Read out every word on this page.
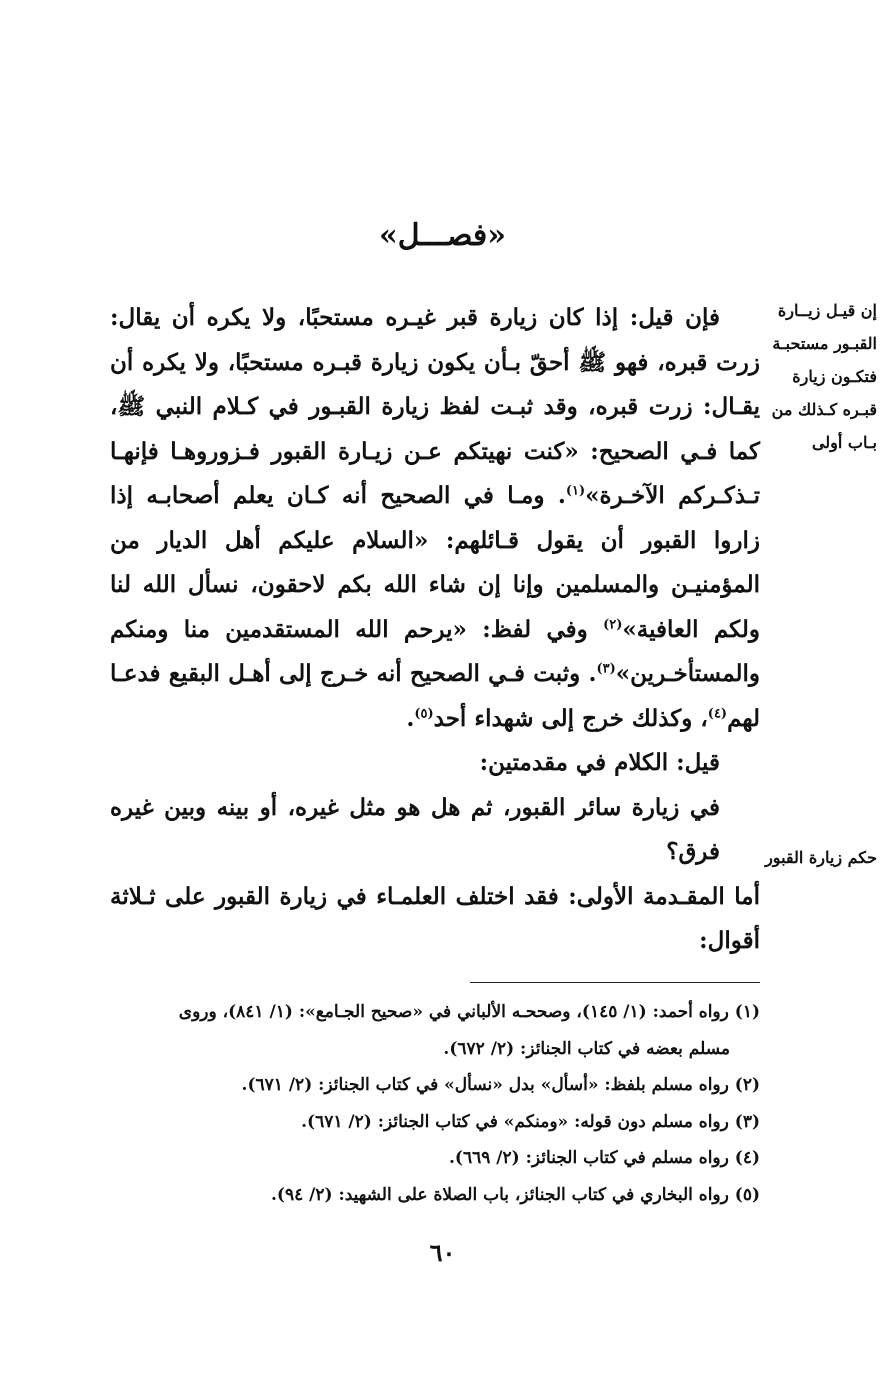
«فصـــل»
إن قيـل زيــارة القبـور مستحبـة فتكـون زيارة قبـره كـذلك من بـاب أولى
حكم زيارة القبور

فإن قيل: إذا كان زيارة قبر غيـره مستحبًا، ولا يكره أن يقال: زرت قبره، فهو ﷺ أحقّ بـأن يكون زيارة قبـره مستحبًا، ولا يكره أن يقـال: زرت قبره، وقد ثبـت لفظ زيارة القبـور في كـلام النبي ﷺ، كما فـي الصحيح: «كنت نهيتكم عـن زيـارة القبور فـزوروهـا فإنهـا تـذكـركم الآخـرة»$^{(١)}$. ومـا في الصحيح أنه كـان يعلم أصحابـه إذا زاروا القبور أن يقول قـائلهم: «السلام عليكم أهل الديار من المؤمنيـن والمسلمين وإنا إن شاء الله بكم لاحقون، نسأل الله لنا ولكم العافية»$^{(٢)}$ وفي لفظ: «يرحم الله المستقدمين منا ومنكم والمستأخـرين»$^{(٣)}$. وثبت فـي الصحيح أنه خـرج إلى أهـل البقيع فدعـا لهم$^{(٤)}$، وكذلك خرج إلى شهداء أحد$^{(٥)}$.

قيل: الكلام في مقدمتين:

في زيارة سائر القبور، ثم هل هو مثل غيره، أو بينه وبين غيره فرق؟

أما المقـدمة الأولى: فقد اختلف العلمـاء في زيارة القبور على ثـلاثة أقوال:

(١) رواه أحمد: (١/ ١٤٥)، وصححـه الألباني في «صحيح الجـامع»: (١/ ٨٤١)، وروى

مسلم بعضه في كتاب الجنائز: (٢/ ٦٧٢).

(٢) رواه مسلم بلفظ: «أسأل» بدل «نسأل» في كتاب الجنائز: (٢/ ٦٧١).

(٣) رواه مسلم دون قوله: «ومنكم» في كتاب الجنائز: (٢/ ٦٧١).

(٤) رواه مسلم في كتاب الجنائز: (٢/ ٦٦٩).

(٥) رواه البخاري في كتاب الجنائز، باب الصلاة على الشهيد: (٢/ ٩٤).

٦٠
